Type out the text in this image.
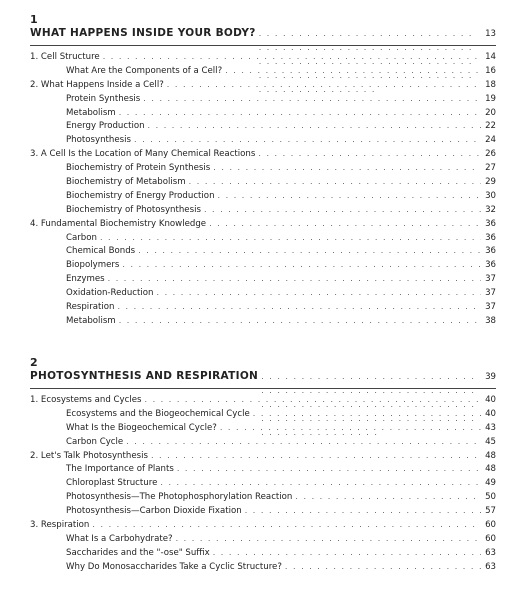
1
WHAT HAPPENS INSIDE YOUR BODY? . . .	13
1. Cell Structure . . .	14
What Are the Components of a Cell? . . .	16
2. What Happens Inside a Cell? . . .	18
Protein Synthesis . . .	19
Metabolism . . .	20
Energy Production . . .	22
Photosynthesis . . .	24
3. A Cell Is the Location of Many Chemical Reactions . . .	26
Biochemistry of Protein Synthesis . . .	27
Biochemistry of Metabolism . . .	29
Biochemistry of Energy Production . . .	30
Biochemistry of Photosynthesis . . .	32
4. Fundamental Biochemistry Knowledge . . .	36
Carbon . . .	36
Chemical Bonds . . .	36
Biopolymers . . .	36
Enzymes . . .	37
Oxidation-Reduction . . .	37
Respiration . . .	37
Metabolism . . .	38
2
PHOTOSYNTHESIS AND RESPIRATION . . .	39
1. Ecosystems and Cycles . . .	40
Ecosystems and the Biogeochemical Cycle . . .	40
What Is the Biogeochemical Cycle? . . .	43
Carbon Cycle . . .	45
2. Let's Talk Photosynthesis . . .	48
The Importance of Plants . . .	48
Chloroplast Structure . . .	49
Photosynthesis—The Photophosphorylation Reaction . . .	50
Photosynthesis—Carbon Dioxide Fixation . . .	57
3. Respiration . . .	60
What Is a Carbohydrate? . . .	60
Saccharides and the "-ose" Suffix . . .	63
Why Do Monosaccharides Take a Cyclic Structure? . . .	63
